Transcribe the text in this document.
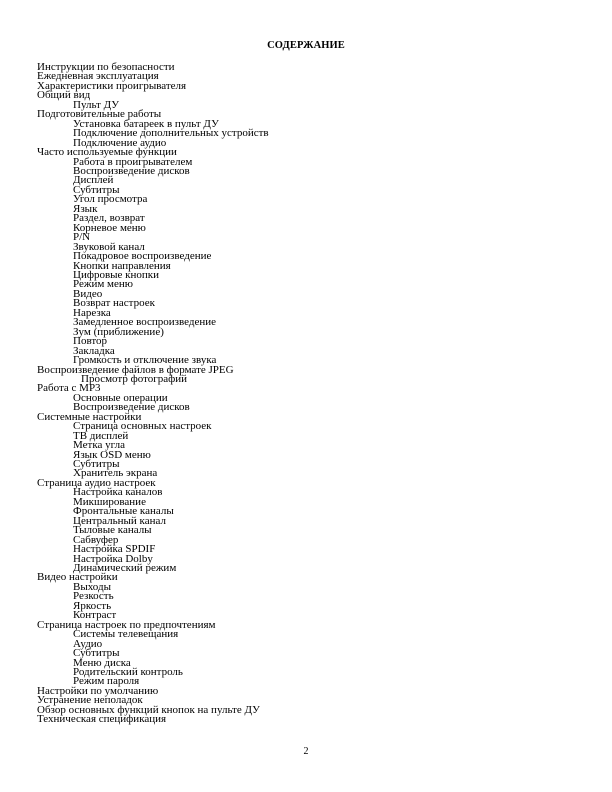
СОДЕРЖАНИЕ
Инструкции по безопасности
Ежедневная эксплуатация
Характеристики проигрывателя
Общий вид
Пульт ДУ
Подготовительные работы
Установка батареек в пульт ДУ
Подключение дополнительных устройств
Подключение аудио
Часто используемые функции
Работа в проигрывателем
Воспроизведение дисков
Дисплей
Субтитры
Угол просмотра
Язык
Раздел, возврат
Корневое меню
P/N
Звуковой канал
Покадровое воспроизведение
Кнопки направления
Цифровые кнопки
Режим меню
Видео
Возврат настроек
Нарезка
Замедленное воспроизведение
Зум (приближение)
Повтор
Закладка
Громкость и отключение звука
Воспроизведение файлов в формате JPEG
Просмотр фотографий
Работа с MP3
Основные операции
Воспроизведение дисков
Системные настройки
Страница основных настроек
ТВ дисплей
Метка угла
Язык OSD меню
Субтитры
Хранитель экрана
Страница аудио настроек
Настройка каналов
Микширование
Фронтальные каналы
Центральный канал
Тыловые каналы
Сабвуфер
Настройка SPDIF
Настройка Dolby
Динамический режим
Видео настройки
Выходы
Резкость
Яркость
Контраст
Страница настроек по предпочтениям
Системы телевещания
Аудио
Субтитры
Меню диска
Родительский контроль
Режим пароля
Настройки по умолчанию
Устранение неполадок
Обзор основных функций кнопок на пульте ДУ
Техническая спецификация
2
